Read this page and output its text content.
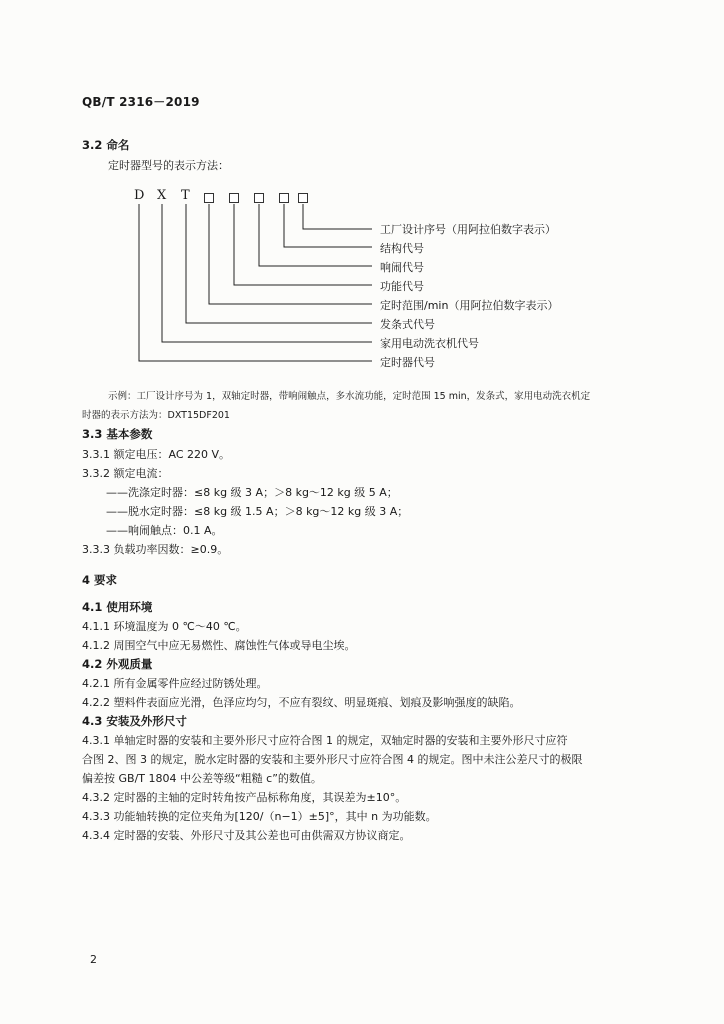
QB/T 2316－2019
3.2 命名
定时器型号的表示方法：
D X T
工厂设计序号（用阿拉伯数字表示）
结构代号
响闹代号
功能代号
定时范围/min（用阿拉伯数字表示）
发条式代号
家用电动洗衣机代号
定时器代号
示例：工厂设计序号为 1，双轴定时器，带响闹触点，多水流功能，定时范围 15 min，发条式，家用电动洗衣机定
时器的表示方法为：DXT15DF201
3.3 基本参数
3.3.1 额定电压：AC 220 V。
3.3.2 额定电流：
——洗涤定时器：≤8 kg 级 3 A；＞8 kg～12 kg 级 5 A；
——脱水定时器：≤8 kg 级 1.5 A；＞8 kg～12 kg 级 3 A；
——响闹触点：0.1 A。
3.3.3 负载功率因数：≥0.9。
4 要求
4.1 使用环境
4.1.1 环境温度为 0 ℃～40 ℃。
4.1.2 周围空气中应无易燃性、腐蚀性气体或导电尘埃。
4.2 外观质量
4.2.1 所有金属零件应经过防锈处理。
4.2.2 塑料件表面应光滑，色泽应均匀，不应有裂纹、明显斑痕、划痕及影响强度的缺陷。
4.3 安装及外形尺寸
4.3.1 单轴定时器的安装和主要外形尺寸应符合图 1 的规定，双轴定时器的安装和主要外形尺寸应符
合图 2、图 3 的规定，脱水定时器的安装和主要外形尺寸应符合图 4 的规定。图中未注公差尺寸的极限
偏差按 GB/T 1804 中公差等级“粗糙 c”的数值。
4.3.2 定时器的主轴的定时转角按产品标称角度，其误差为±10°。
4.3.3 功能轴转换的定位夹角为[120/（n−1）±5]°，其中 n 为功能数。
4.3.4 定时器的安装、外形尺寸及其公差也可由供需双方协议商定。
2
